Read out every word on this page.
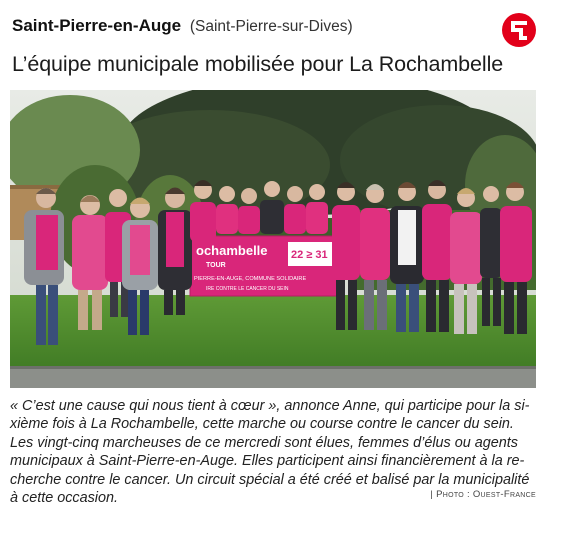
Saint-Pierre-en-Auge (Saint-Pierre-sur-Dives)
L’équipe municipale mobilisée pour La Rochambelle
ochambelle
TOUR
22 ≥ 31
PIERRE-EN-AUGE, COMMUNE SOLIDAIRE
IRE CONTRE LE CANCER DU SEIN
« C’est une cause qui nous tient à cœur », annonce Anne, qui participe pour la si-
xième fois à La Rochambelle, cette marche ou course contre le cancer du sein.
Les vingt-cinq marcheuses de ce mercredi sont élues, femmes d’élus ou agents
municipaux à Saint-Pierre-en-Auge. Elles participent ainsi financièrement à la re-
cherche contre le cancer. Un circuit spécial a été créé et balisé par la municipalité
à cette occasion.	| Photo : Ouest-France
